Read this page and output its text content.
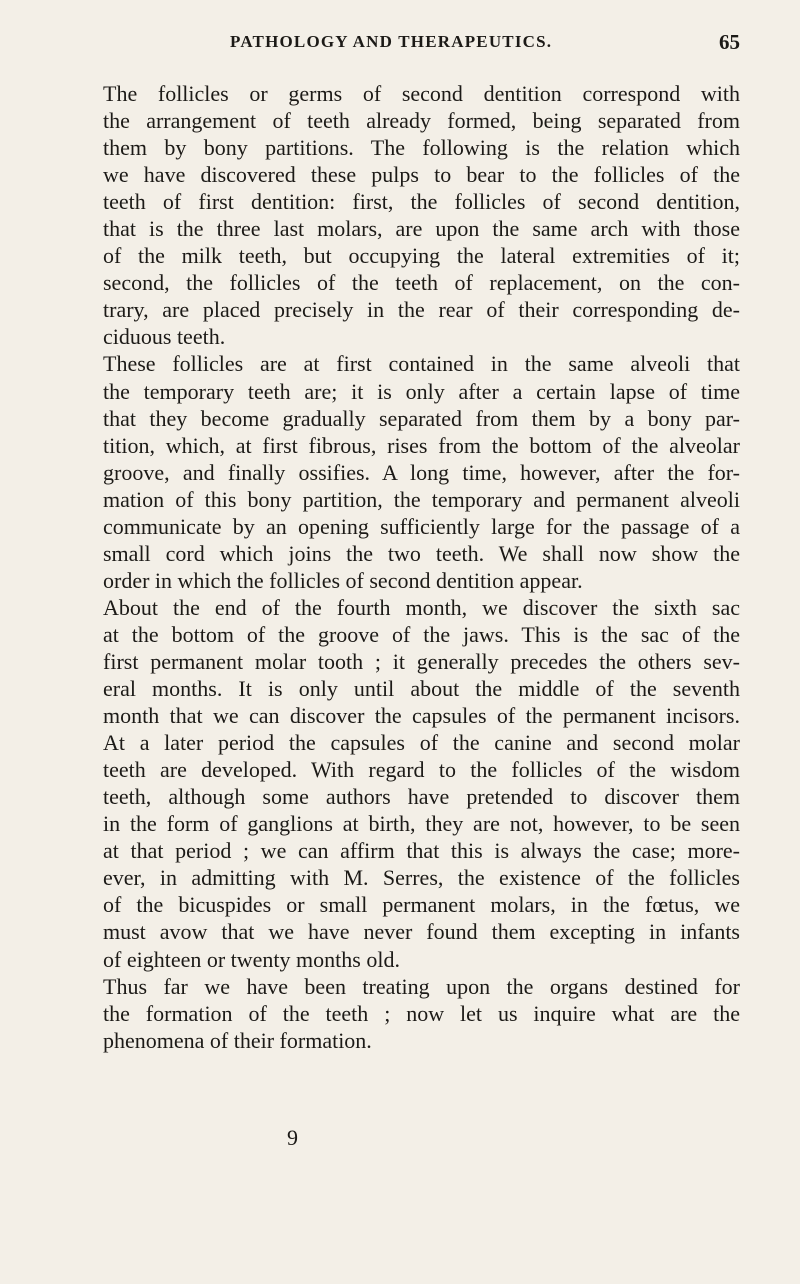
PATHOLOGY AND THERAPEUTICS.	65
The follicles or germs of second dentition correspond with
the arrangement of teeth already formed, being separated from
them by bony partitions. The following is the relation which
we have discovered these pulps to bear to the follicles of the
teeth of first dentition: first, the follicles of second dentition,
that is the three last molars, are upon the same arch with those
of the milk teeth, but occupying the lateral extremities of it;
second, the follicles of the teeth of replacement, on the con-
trary, are placed precisely in the rear of their corresponding de-
ciduous teeth.
These follicles are at first contained in the same alveoli that
the temporary teeth are; it is only after a certain lapse of time
that they become gradually separated from them by a bony par-
tition, which, at first fibrous, rises from the bottom of the alveolar
groove, and finally ossifies. A long time, however, after the for-
mation of this bony partition, the temporary and permanent alveoli
communicate by an opening sufficiently large for the passage of a
small cord which joins the two teeth. We shall now show the
order in which the follicles of second dentition appear.
About the end of the fourth month, we discover the sixth sac
at the bottom of the groove of the jaws. This is the sac of the
first permanent molar tooth ; it generally precedes the others sev-
eral months. It is only until about the middle of the seventh
month that we can discover the capsules of the permanent incisors.
At a later period the capsules of the canine and second molar
teeth are developed. With regard to the follicles of the wisdom
teeth, although some authors have pretended to discover them
in the form of ganglions at birth, they are not, however, to be seen
at that period ; we can affirm that this is always the case; more-
ever, in admitting with M. Serres, the existence of the follicles
of the bicuspides or small permanent molars, in the fœtus, we
must avow that we have never found them excepting in infants
of eighteen or twenty months old.
Thus far we have been treating upon the organs destined for
the formation of the teeth ; now let us inquire what are the
phenomena of their formation.
9
